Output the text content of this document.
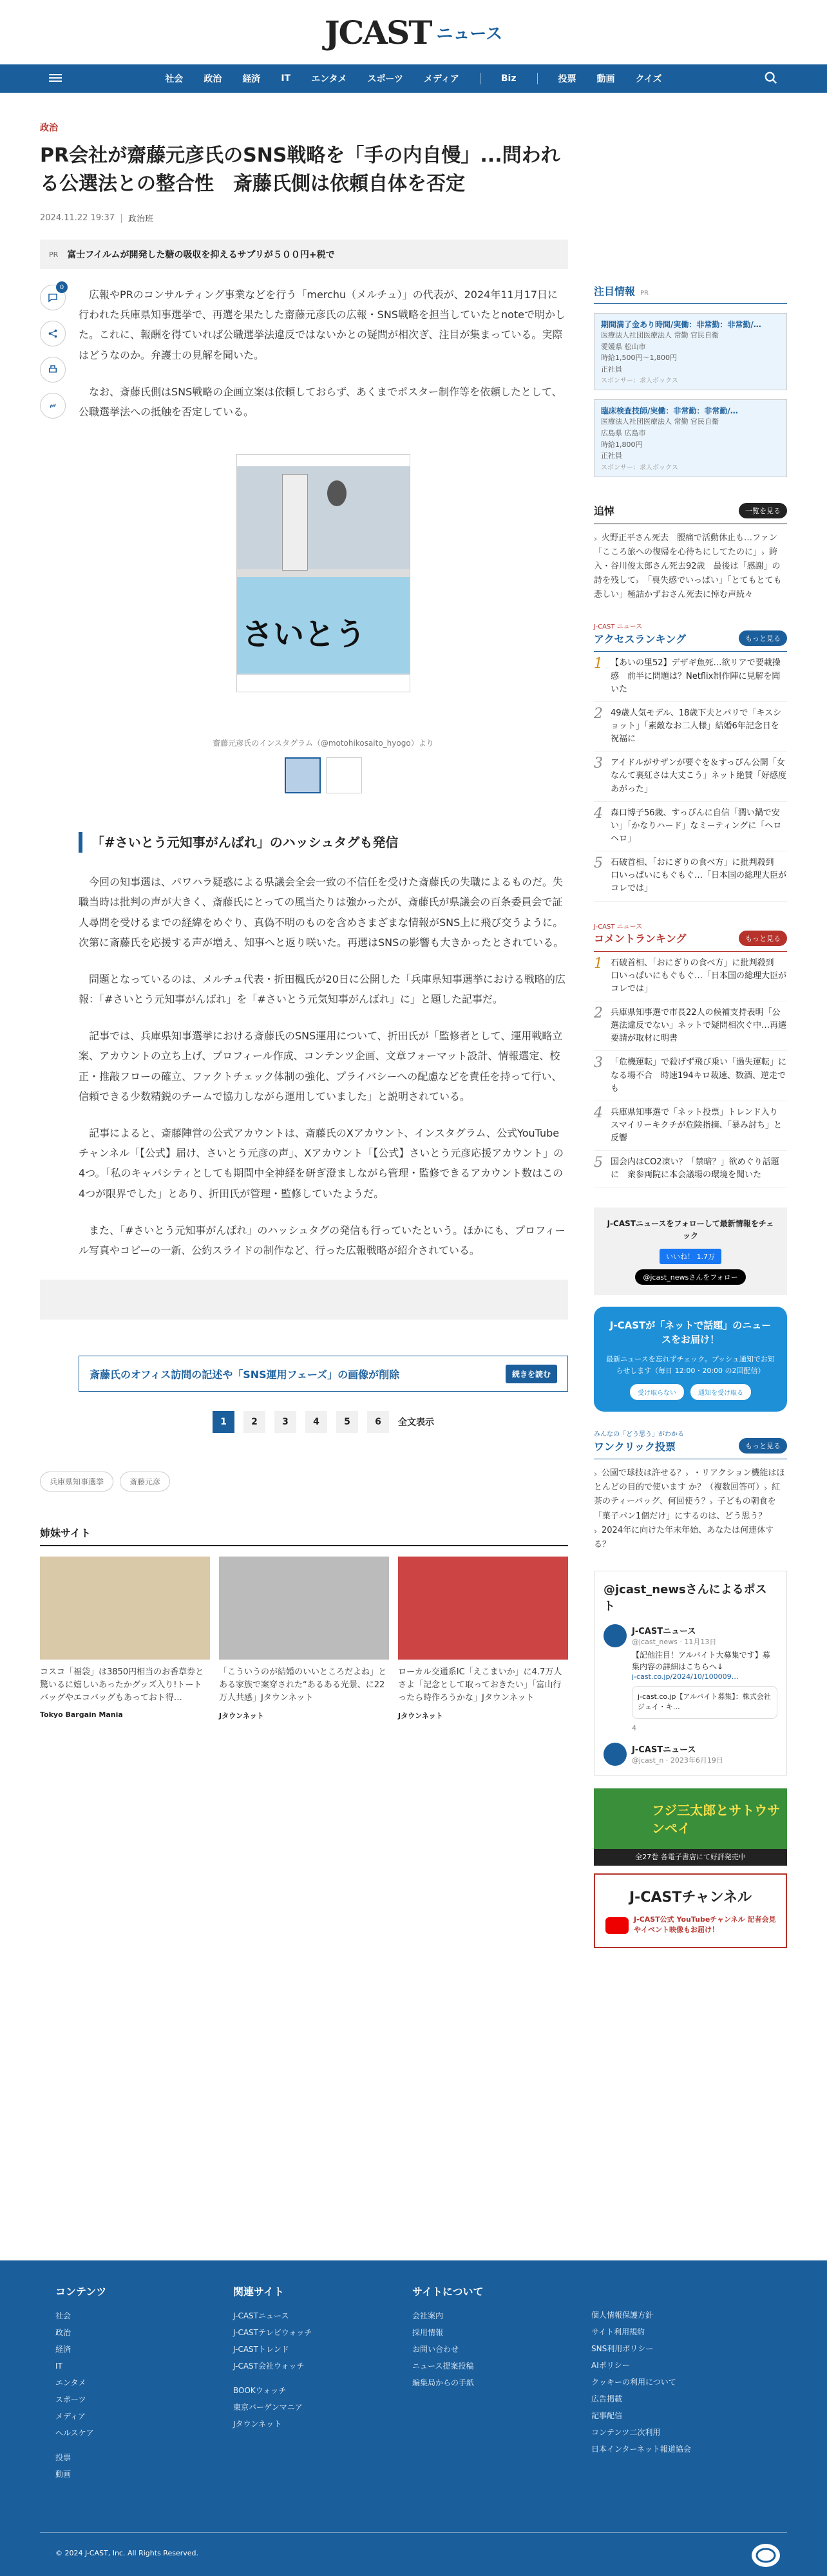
JCAST ニュース
社会 政治 経済 IT エンタメ スポーツ メディア	Biz	投票 動画 クイズ
政治
PR会社が齋藤元彦氏のSNS戦略を「手の内自慢」...問われる公選法との整合性　斎藤氏側は依頼自体を否定
2024.11.22 19:37 政治班
PR 富士フイルムが開発した糖の吸収を抑えるサプリが５００円+税で
0

広報やPRのコンサルティング事業などを行う「merchu（メルチュ）」の代表が、2024年11月17日に行われた兵庫県知事選挙で、再選を果たした齋藤元彦氏の広報・SNS戦略を担当していたとnoteで明かした。これに、報酬を得ていれば公職選挙法違反ではないかとの疑問が相次ぎ、注目が集まっている。実際はどうなのか。弁護士の見解を聞いた。

なお、斎藤氏側はSNS戦略の企画立案は依頼しておらず、あくまでポスター制作等を依頼したとして、公職選挙法への抵触を否定している。

さいとう
齋藤元彦氏のインスタグラム（@motohikosaito_hyogo）より
「#さいとう元知事がんばれ」のハッシュタグも発信

今回の知事選は、パワハラ疑惑による県議会全会一致の不信任を受けた斎藤氏の失職によるものだ。失職当時は批判の声が大きく、斎藤氏にとっての風当たりは強かったが、斎藤氏が県議会の百条委員会で証人尋問を受けるまでの経緯をめぐり、真偽不明のものを含めさまざまな情報がSNS上に飛び交うように。次第に斎藤氏を応援する声が増え、知事へと返り咲いた。再選はSNSの影響も大きかったとされている。

問題となっているのは、メルチュ代表・折田楓氏が20日に公開した「兵庫県知事選挙における戦略的広報：「#さいとう元知事がんばれ」を「#さいとう元気知事がんばれ」に」と題した記事だ。

記事では、兵庫県知事選挙における斎藤氏のSNS運用について、折田氏が「監修者として、運用戦略立案、アカウントの立ち上げ、プロフィール作成、コンテンツ企画、文章フォーマット設計、情報選定、校正・推敲フローの確立、ファクトチェック体制の強化、プライバシーへの配慮などを責任を持って行い、信頼できる少数精鋭のチームで協力しながら運用していました」と説明されている。

記事によると、斎藤陣営の公式アカウントは、斎藤氏のXアカウント、インスタグラム、公式YouTubeチャンネル「【公式】届け、さいとう元彦の声」、Xアカウント「【公式】さいとう元彦応援アカウント」の4つ。「私のキャパシティとしても期間中全神経を研ぎ澄ましながら管理・監修できるアカウント数はこの4つが限界でした」とあり、折田氏が管理・監修していたようだ。

また、「#さいとう元知事がんばれ」のハッシュタグの発信も行っていたという。ほかにも、プロフィール写真やコピーの一新、公約スライドの制作など、行った広報戦略が紹介されている。

斎藤氏のオフィス訪問の記述や「SNS運用フェーズ」の画像が削除	続きを読む
1	2	3	4	5	6	全文表示
兵庫県知事選挙	斎藤元彦
姉妹サイト
コスコ「福袋」は3850円相当のお香草券と驚いるに嬉しいあったかグッズ入り!トートバッグやエコバッグもあっておト得…
Tokyo Bargain Mania
「こういうのが結婚のいいところだよね」とある家族で案穿された“あるある光景、に22万人共感」Jタウンネット
Jタウンネット
ローカル交通系IC「えこまいか」に4.7万人さよ「記念として取っておきたい」「富山行ったら時作ろうかな」Jタウンネット
Jタウンネット
注目情報 PR
期間満了金あり時間/実働：非常勤：非常勤/…
医療法人社団医療法人 常勤 官民自衛
愛媛県 松山市
時給1,500円〜1,800円
正社員
スポンサー：求人ボックス
臨床検査技師/実働：非常勤：非常勤/…
医療法人社団医療法人 常勤 官民自衛
広島県 広島市
時給1,800円
正社員
スポンサー：求人ボックス
追悼	一覧を見る
› 火野正平さん死去　腰痛で活動休止も…ファン「こころ旅への復帰を心待ちにしてたのに」 › 跨入・谷川俊太郎さん死去92歳　最後は「感謝」の詩を残して › 「喪失感でいっぱい」「とてもとても悲しい」極詰かずおさん死去に悼む声続々
J-CAST ニュース
アクセスランキング	もっと見る
1 【あいの里52】デザギ魚死…欲リアで要載操感　前半に問題は？Netflix制作陣に見解を聞いた
2 49歳人気モデル、18歳下夫とパリで「キスショット」「素敵なお二人様」結婚6年記念日を祝福に
3 アイドルがサザンが要ぐを＆すっぴん公開「女なんて裏紅さは大丈こう」ネット絶賛「好感度あがった」
4 森口博子56歳、すっぴんに自信「潤い鍋で安い」「かなりハード」なミーティングに「ヘロヘロ」
5 石破首相、「おにぎりの食べ方」に批判殺到　口いっぱいにもぐもぐ…「日本国の総理大臣がコレでは」
J-CAST ニュース
コメントランキング	もっと見る
1 石破首相、「おにぎりの食べ方」に批判殺到　口いっぱいにもぐもぐ…「日本国の総理大臣がコレでは」
2 兵庫県知事選で市長22人の候補支持表明「公選法違反でない」ネットで疑問相次ぐ中…再選要請が取材に明書
3 「危機運転」で殺げず飛び乗い「過失運転」になる場不合　時速194キロ裁速、数酒、逆走でも
4 兵庫県知事選で「ネット投票」トレンド入り　スマイリーキクチが危険指摘、「暴み討ち」と反響
5 国会内はCO2凍い？「禁暗？」欲めぐり話題に　衆参両院に本会議場の環境を聞いた
J-CASTニュースをフォローして最新情報をチェック
いいね！ 1.7万
@jcast_newsさんをフォロー
J-CASTが「ネットで話題」のニュースをお届け！
最新ニュースを忘れずチェック。プッシュ通知でお知らせします（毎日 12:00・20:00 の2回配信）
受け取らない	通知を受け取る
みんなの「どう思う」がわかる
ワンクリック投票	もっと見る
› 公園で球技は許せる？ › ・リアクション機能はほとんどの目的で使います か？（複数回答可） › 紅茶のティーバッグ、何回使う？ › 子どもの朝食を「菓子パン1個だけ」にするのは、どう思う？› 2024年に向けた年末年始、あなたは何連休する？
@jcast_newsさんによるポスト
J-CASTニュース
@jcast_news · 11月13日
【記他注目！アルバイト大募集です】募集内容の詳細はこちらへ↓
j-cast.co.jp/2024/10/100009…
j-cast.co.jp【アルバイト募集】：株式会社ジェイ・キ…
4
J-CASTニュース
@jcast_n · 2023年6月19日
フジ三太郎とサトウサンペイ
全27巻 各電子書店にて好評発売中
J-CASTチャンネル
J-CAST公式 YouTubeチャンネル 記者会見やイベント映像もお届け！
コンテンツ
社会
政治
経済
IT
エンタメ
スポーツ
メディア
ヘルスケア
投票
動画
関連サイト
J-CASTニュース
J-CASTテレビウォッチ
J-CASTトレンド
J-CAST会社ウォッチ
BOOKウォッチ
東京バーゲンマニア
Jタウンネット
サイトについて
会社案内
採用情報
お問い合わせ
ニュース提案投稿
編集局からの手紙
個人情報保護方針
サイト利用規約
SNS利用ポリシー
AIポリシー
クッキーの利用について
広告掲載
記事配信
コンテンツ二次利用
日本インターネット報道協会
© 2024 J-CAST, Inc. All Rights Reserved.
